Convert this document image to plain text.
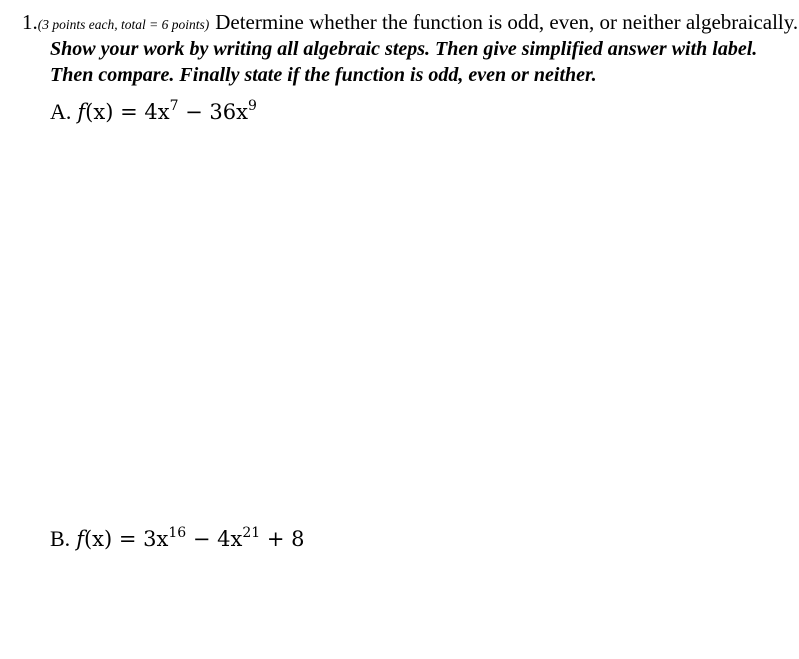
1. (3 points each, total = 6 points) Determine whether the function is odd, even, or neither algebraically.
Show your work by writing all algebraic steps. Then give simplified answer with label.
Then compare. Finally state if the function is odd, even or neither.
A. $f(x) = 4x^7 - 36x^9$
B. $f(x) = 3x^{16} - 4x^{21} + 8$
